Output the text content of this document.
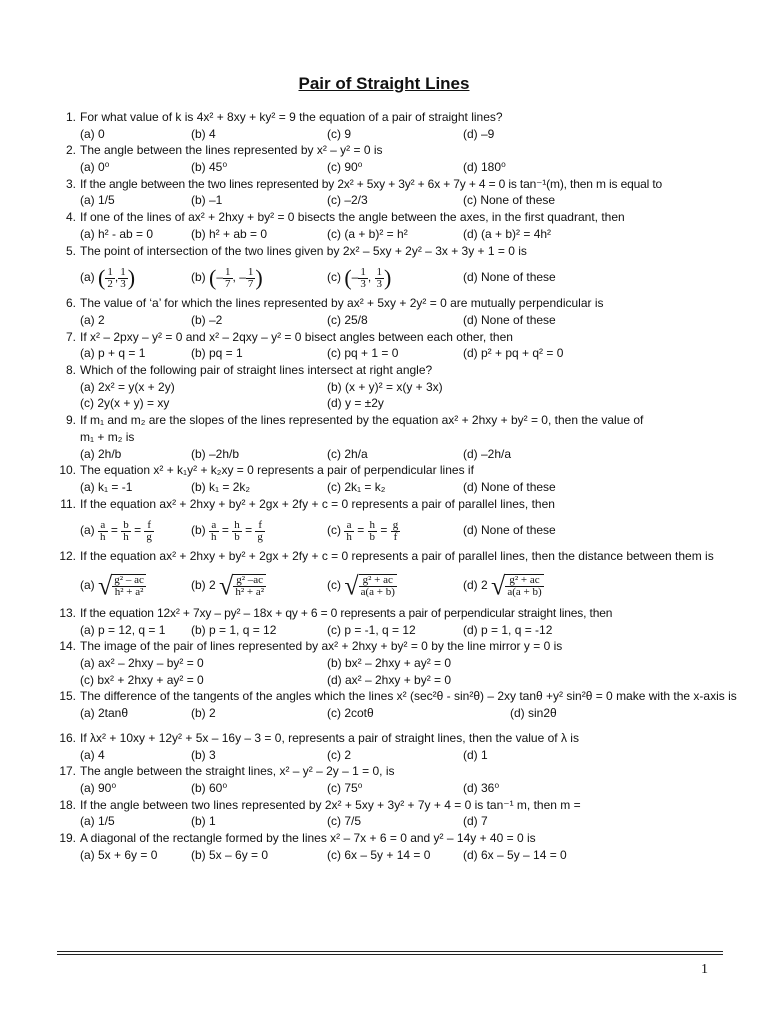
Pair of Straight Lines
1. For what value of k is 4x² + 8xy + ky² = 9 the equation of a pair of straight lines?
(a) 0	(b) 4	(c) 9	(d) –9
2. The angle between the lines represented by x² – y² = 0 is
(a) 0⁰	(b) 45⁰	(c) 90⁰	(d) 180⁰
3. If the angle between the two lines represented by 2x² + 5xy + 3y² + 6x + 7y + 4 = 0 is tan⁻¹(m), then m is equal to
(a) 1/5	(b) –1	(c) –2/3	(c) None of these
4. If one of the lines of ax² + 2hxy + by² = 0 bisects the angle between the axes, in the first quadrant, then
(a) h² - ab = 0	(b) h² + ab = 0	(c) (a + b)² = h²	(d) (a + b)² = 4h²
5. The point of intersection of the two lines given by 2x² – 5xy + 2y² – 3x + 3y + 1 = 0 is
(a) ( $\frac{1}{2}$ , $\frac{1}{3}$ )	(b) (– $\frac{1}{7}$ , – $\frac{1}{7}$ )	(c) (– $\frac{1}{3}$ , $\frac{1}{3}$ )	(d) None of these
6. The value of ‘a’ for which the lines represented by ax² + 5xy + 2y² = 0 are mutually perpendicular is
(a) 2	(b) –2	(c) 25/8	(d) None of these
7. If x² – 2pxy – y² = 0 and x² – 2qxy – y² = 0 bisect angles between each other, then
(a) p + q = 1	(b) pq = 1	(c) pq + 1 = 0	(d) p² + pq + q² = 0
8. Which of the following pair of straight lines intersect at right angle?
(a) 2x² = y(x + 2y)	(b) (x + y)² = x(y + 3x)
(c) 2y(x + y) = xy	(d) y = ±2y
9. If m₁ and m₂ are the slopes of the lines represented by the equation ax² + 2hxy + by² = 0, then the value of m₁ + m₂ is
(a) 2h/b	(b) –2h/b	(c) 2h/a	(d) –2h/a
10. The equation x² + k₁y² + k₂xy = 0 represents a pair of perpendicular lines if
(a) k₁ = -1	(b) k₁ = 2k₂	(c) 2k₁ = k₂	(d) None of these
11. If the equation ax² + 2hxy + by² + 2gx + 2fy + c = 0 represents a pair of parallel lines, then
$(a) \frac{a}{h} = \frac{b}{h} = \frac{f}{g}$	$(b) \frac{a}{h} = \frac{h}{b} = \frac{f}{g}$	$(c) \frac{a}{h} = \frac{h}{b} = \frac{g}{f}$	(d) None of these
12. If the equation ax² + 2hxy + by² + 2gx + 2fy + c = 0 represents a pair of parallel lines, then the distance between them is
(a) √ $\frac{\text{g² – ac}}{\text{h² + a²}}$	(b) 2 √ $\frac{\text{g² –ac}}{\text{h² + a²}}$	(c) √ $\frac{\text{g² + ac}}{a(a + b)}$	(d) 2 √ $\frac{\text{g² + ac}}{a(a + b)}$
13. If the equation 12x² + 7xy – py² – 18x + qy + 6 = 0 represents a pair of perpendicular straight lines, then
(a) p = 12, q = 1 (b) p = 1, q = 12	(c) p = -1, q = 12	(d) p = 1, q = -12
14. The image of the pair of lines represented by ax² + 2hxy + by² = 0 by the line mirror y = 0 is
(a) ax² – 2hxy – by² = 0	(b) bx² – 2hxy + ay² = 0
(c) bx² + 2hxy + ay² = 0	(d) ax² – 2hxy + by² = 0
15. The difference of the tangents of the angles which the lines x² (sec²θ - sin²θ) – 2xy tanθ +y² sin²θ = 0 make with the x-axis is
(a) 2tanθ	(b) 2	(c) 2cotθ	(d) sin2θ
16. If λx² + 10xy + 12y² + 5x – 16y – 3 = 0, represents a pair of straight lines, then the value of λ is
(a) 4	(b) 3	(c) 2	(d) 1
17. The angle between the straight lines, x² – y² – 2y – 1 = 0, is
(a) 90⁰	(b) 60⁰	(c) 75⁰	(d) 36⁰
18. If the angle between two lines represented by 2x² + 5xy + 3y² + 7y + 4 = 0 is tan⁻¹ m, then m =
(a) 1/5	(b) 1	(c) 7/5	(d) 7
19. A diagonal of the rectangle formed by the lines x² – 7x + 6 = 0 and y² – 14y + 40 = 0 is
(a) 5x + 6y = 0	(b) 5x – 6y = 0	(c) 6x – 5y + 14 = 0	(d) 6x – 5y – 14 = 0
1
